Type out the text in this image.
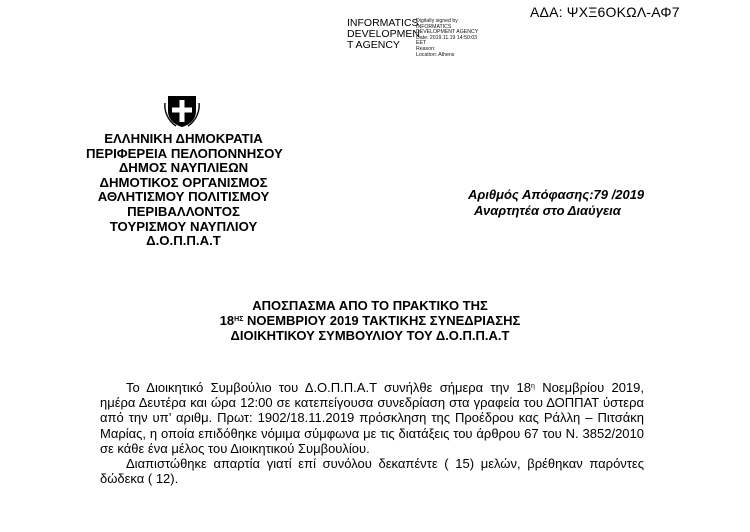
ΑΔΑ: ΨΧΞ6ΟΚΩΛ-ΑΦ7
INFORMATICS
DEVELOPMEN
T AGENCY
Digitally signed by
INFORMATICS
DEVELOPMENT AGENCY
Date: 2019.11.19 14:50:03
EET
Reason:
Location: Athens
ΕΛΛΗΝΙΚΗ ΔΗΜΟΚΡΑΤΙΑ
ΠΕΡΙΦΕΡΕΙΑ ΠΕΛΟΠΟΝΝΗΣΟΥ
ΔΗΜΟΣ ΝΑΥΠΛΙΕΩΝ
ΔΗΜΟΤΙΚΟΣ ΟΡΓΑΝΙΣΜΟΣ
ΑΘΛΗΤΙΣΜΟΥ ΠΟΛΙΤΙΣΜΟΥ
ΠΕΡΙΒΑΛΛΟΝΤΟΣ
ΤΟΥΡΙΣΜΟΥ ΝΑΥΠΛΙΟΥ
Δ.Ο.Π.Π.Α.Τ
Αριθμός Απόφασης:79 /2019
Αναρτητέα στο Διαύγεια
ΑΠΟΣΠΑΣΜΑ ΑΠΟ ΤΟ ΠΡΑΚΤΙΚΟ ΤΗΣ
$18^{H\Sigma}$ ΝΟΕΜΒΡΙΟΥ 2019 ΤΑΚΤΙΚΗΣ ΣΥΝΕΔΡΙΑΣΗΣ
ΔΙΟΙΚΗΤΙΚΟΥ ΣΥΜΒΟΥΛΙΟΥ ΤΟΥ Δ.Ο.Π.Π.Α.Τ

Το Διοικητικό Συμβούλιο του Δ.Ο.Π.Π.Α.Τ συνήλθε σήμερα την $18^\eta$ Νοεμβρίου 2019, ημέρα Δευτέρα και ώρα 12:00 σε κατεπείγουσα συνεδρίαση στα γραφεία του ΔΟΠΠΑΤ ύστερα από την υπ’ αριθμ. Πρωτ: 1902/18.11.2019 πρόσκληση της Προέδρου κας Ράλλη – Πιτσάκη Μαρίας, η οποία επιδόθηκε νόμιμα σύμφωνα με τις διατάξεις του άρθρου 67 του Ν. 3852/2010 σε κάθε ένα μέλος του Διοικητικού Συμβουλίου.

Διαπιστώθηκε απαρτία γιατί επί συνόλου δεκαπέντε ( 15) μελών, βρέθηκαν παρόντες δώδεκα ( 12).
